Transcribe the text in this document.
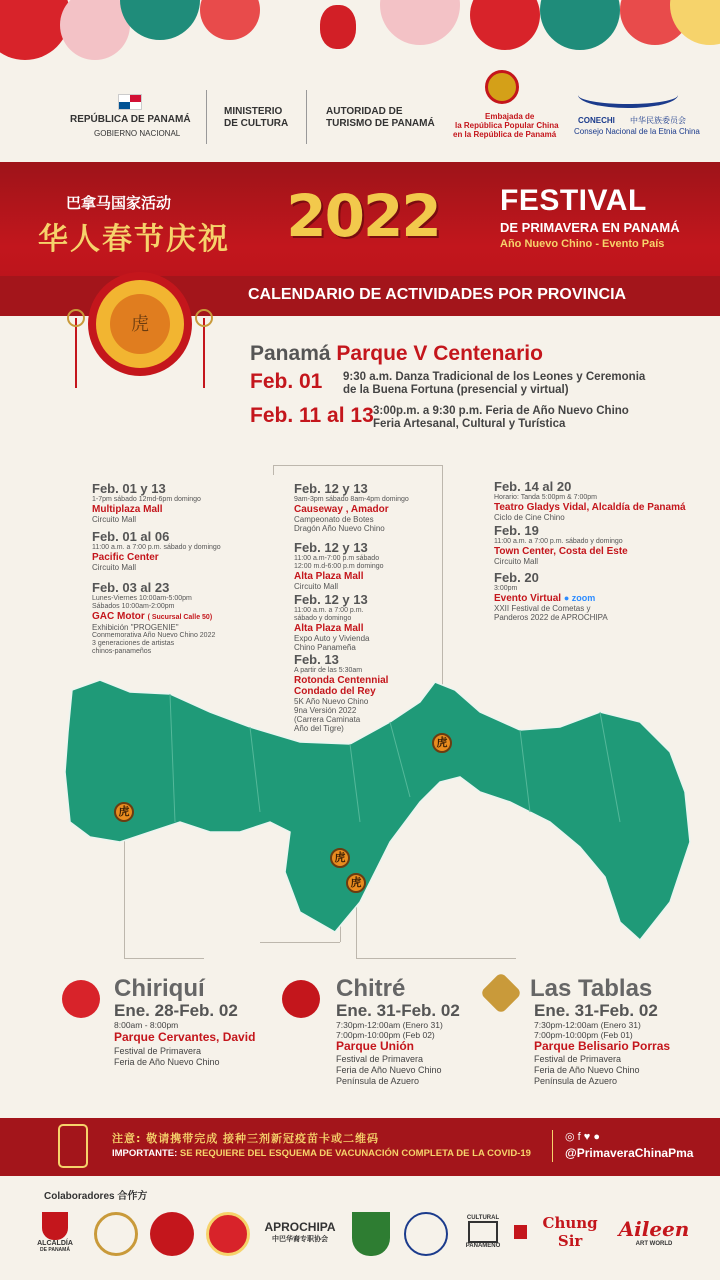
REPÚBLICA DE PANAMÁ
GOBIERNO NACIONAL
MINISTERIO
DE CULTURA
AUTORIDAD DE
TURISMO DE PANAMÁ
Embajada de
la República Popular China
en la República de Panamá
CONECHI 中华民族委员会
Consejo Nacional de la Etnia China
巴拿马国家活动
华人春节庆祝 2022 FESTIVAL
DE PRIMAVERA EN PANAMÁ
Año Nuevo Chino - Evento País
CALENDARIO DE ACTIVIDADES POR PROVINCIA
虎
Panamá Parque V Centenario
Feb. 01 9:30 a.m. Danza Tradicional de los Leones y Ceremonia
de la Buena Fortuna (presencial y virtual)
Feb. 11 al 13 3:00p.m. a 9:30 p.m. Feria de Año Nuevo Chino
Feria Artesanal, Cultural y Turística
Feb. 01 y 13
1-7pm sábado 12md-6pm domingo
Multiplaza Mall
Circuito Mall
Feb. 01 al 06
11:00 a.m. a 7:00 p.m. sábado y domingo
Pacific Center
Circuito Mall
Feb. 03 al 23
Lunes-Viernes 10:00am-5:00pm
Sábados 10:00am-2:00pm
GAC Motor ( Sucursal Calle 50)
Exhibición "PROGENIE"
Conmemorativa Año Nuevo Chino 2022
3 generaciones de artistas
chinos-panameños
Feb. 12 y 13
9am-3pm sábado 8am-4pm domingo
Causeway , Amador
Campeonato de Botes
Dragón Año Nuevo Chino
Feb. 12 y 13
11:00 a.m-7:00 p.m sábado
12:00 m.d-6:00 p.m domingo
Alta Plaza Mall
Circuito Mall
Feb. 12 y 13
11:00 a.m. a 7:00 p.m.
sábado y domingo
Alta Plaza Mall
Expo Auto y Vivienda
Chino Panameña
Feb. 13
A partir de las 5:30am
Rotonda Centennial
Condado del Rey
5K Año Nuevo Chino
9na Versión 2022
(Carrera Caminata
Año del Tigre)
Feb. 14 al 20
Horario: Tanda 5:00pm & 7:00pm
Teatro Gladys Vidal, Alcaldía de Panamá
Ciclo de Cine Chino
Feb. 19
11:00 a.m. a 7:00 p.m. sábado y domingo
Town Center, Costa del Este
Circuito Mall
Feb. 20
3:00pm
Evento Virtual ● zoom
XXII Festival de Cometas y
Panderos 2022 de APROCHIPA
虎
虎
虎
虎
Chiriquí
Ene. 28-Feb. 02
8:00am - 8:00pm
Parque Cervantes, David
Festival de Primavera
Feria de Año Nuevo Chino
Chitré
Ene. 31-Feb. 02
7:30pm-12:00am (Enero 31)
7:00pm-10:00pm (Feb 02)
Parque Unión
Festival de Primavera
Feria de Año Nuevo Chino
Península de Azuero
Las Tablas
Ene. 31-Feb. 02
7:30pm-12:00am (Enero 31)
7:00pm-10:00pm (Feb 01)
Parque Belisario Porras
Festival de Primavera
Feria de Año Nuevo Chino
Península de Azuero
注意: 敬请携带完成 接种三剂新冠疫苗卡或二维码
IMPORTANTE: SE REQUIERE DEL ESQUEMA DE VACUNACIÓN COMPLETA DE LA COVID-19
◎ f ♥ ●
@PrimaveraChinaPma
Colaboradores 合作方
ALCALDÍA
DE PANAMÁ
APROCHIPA
中巴华裔专职协会
CULTURAL
PANAMEÑO
Chung Sir	Aileen
ART WORLD
